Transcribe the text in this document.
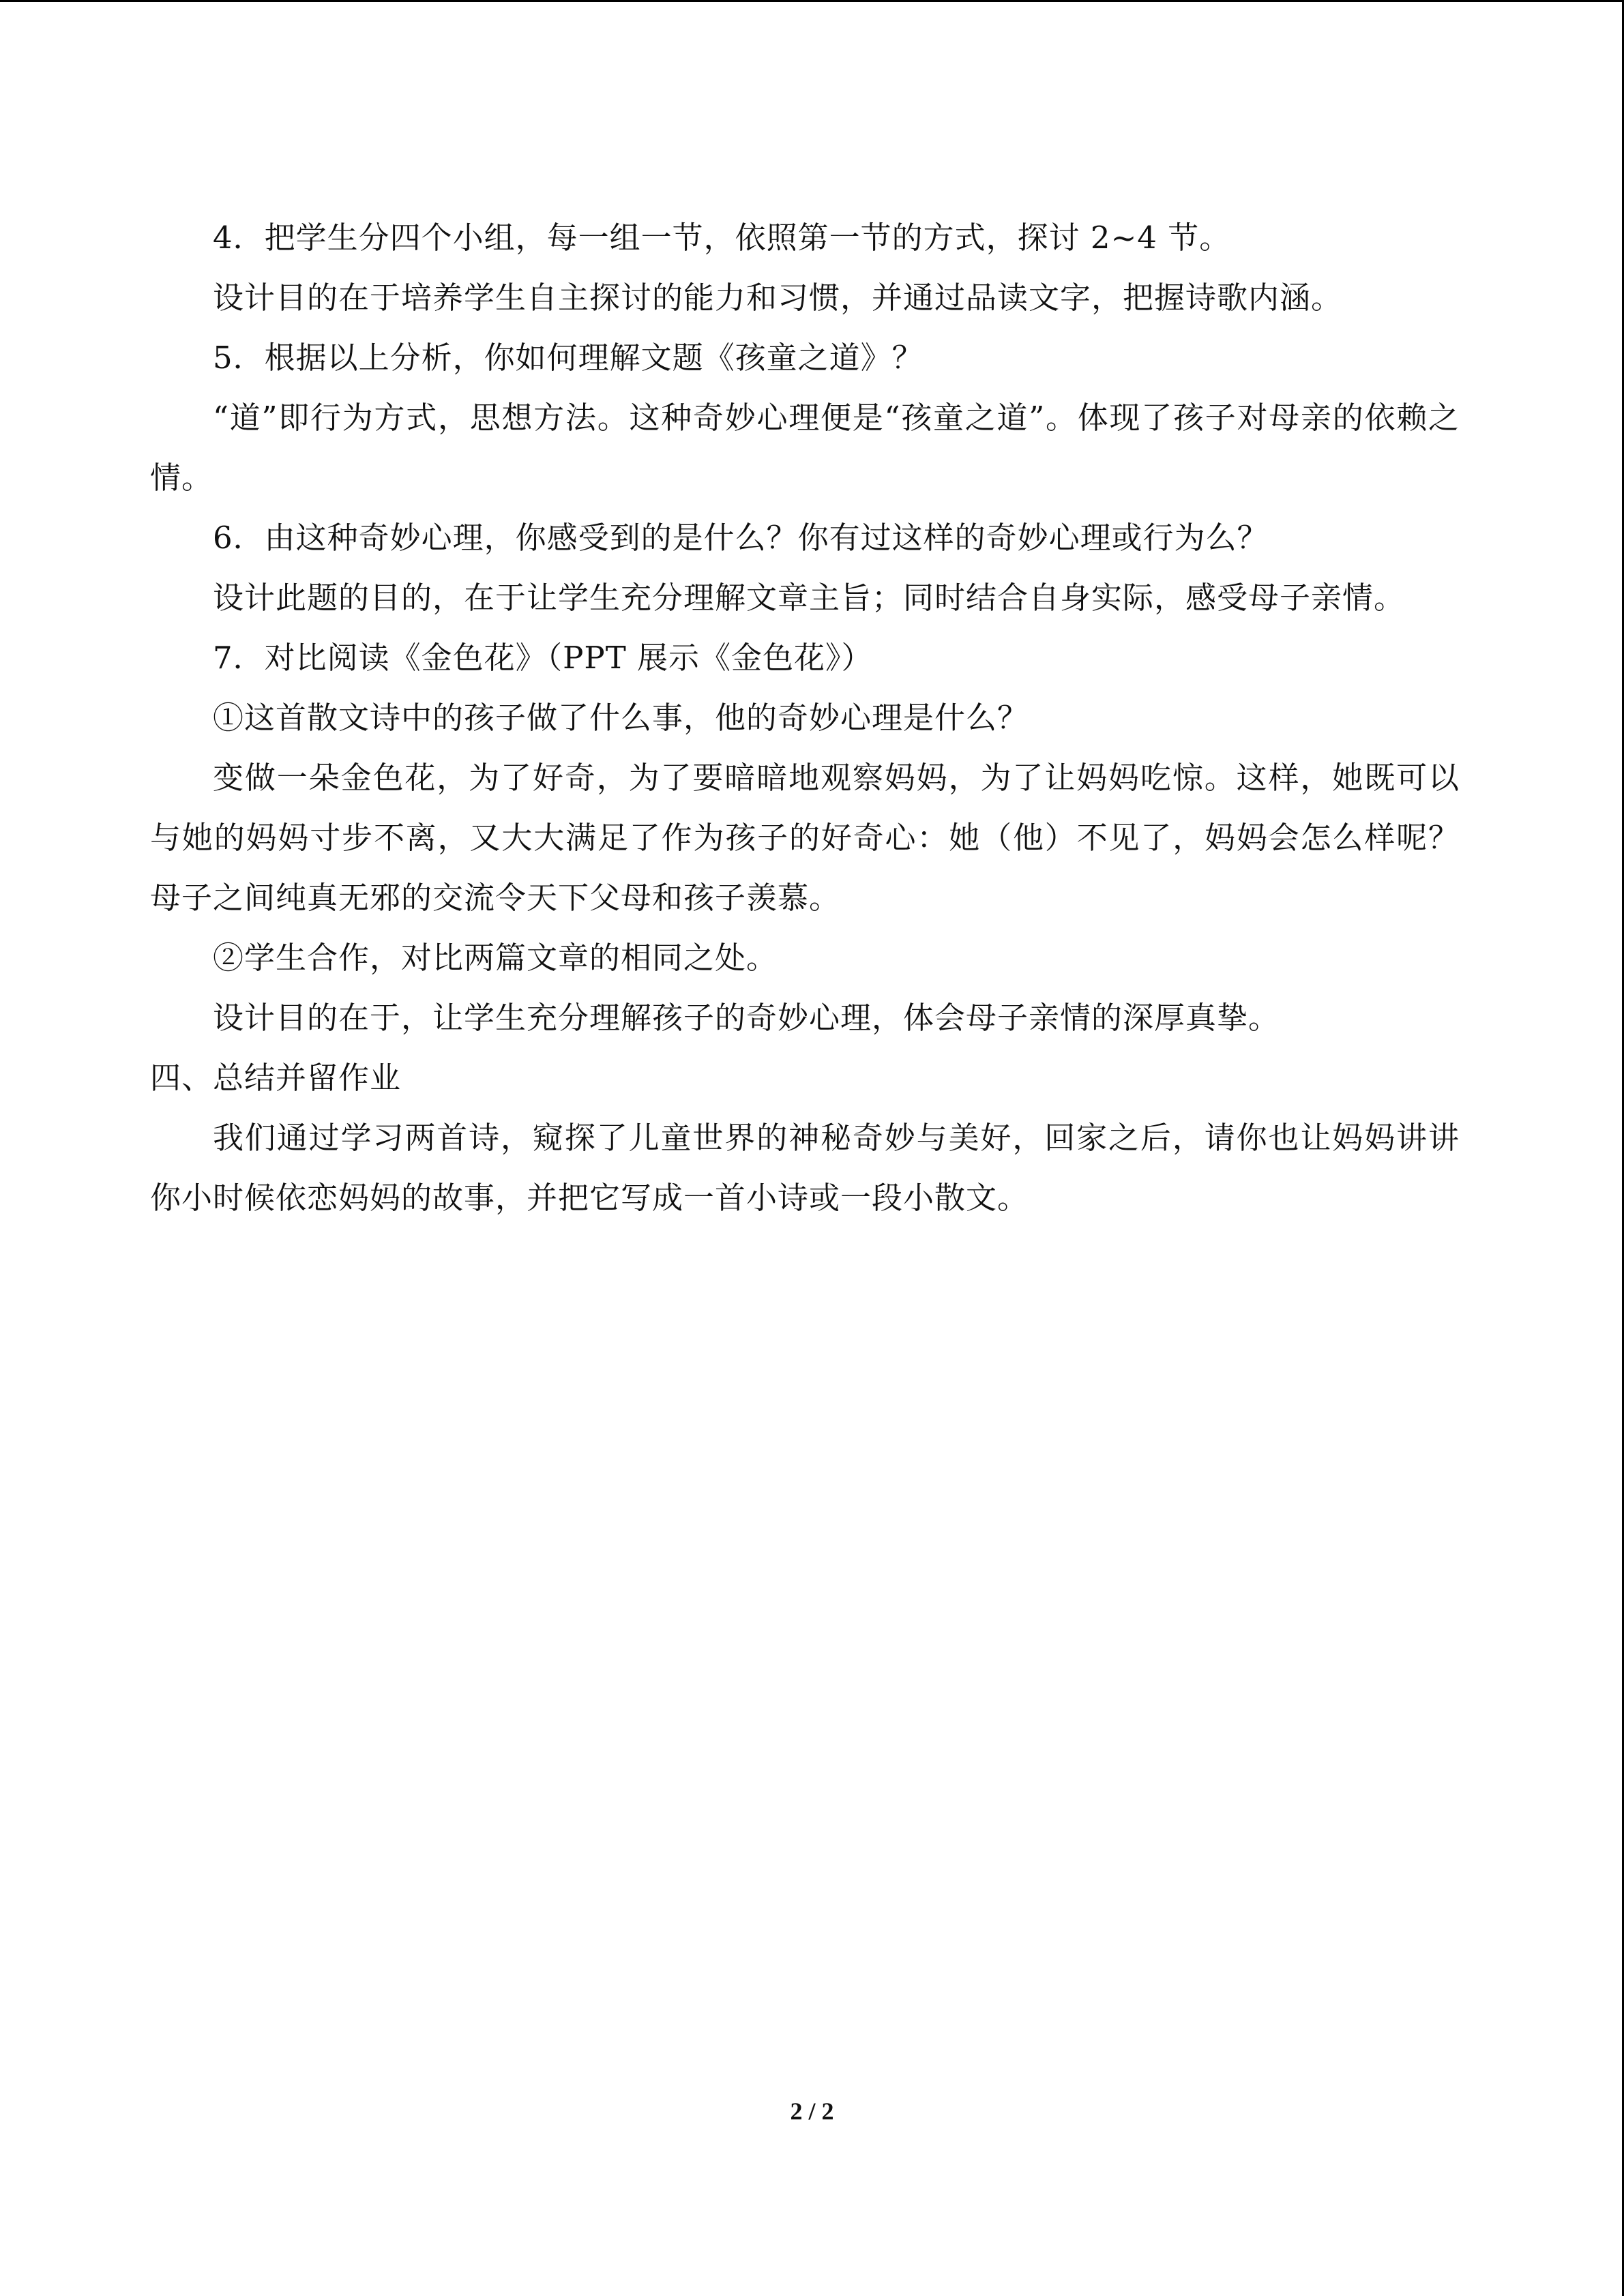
4．把学生分四个小组，每一组一节，依照第一节的方式，探讨 2~4 节。

设计目的在于培养学生自主探讨的能力和习惯，并通过品读文字，把握诗歌内涵。

5．根据以上分析，你如何理解文题《孩童之道》？

“道”即行为方式，思想方法。这种奇妙心理便是“孩童之道”。体现了孩子对母亲的依赖之情。

6．由这种奇妙心理，你感受到的是什么？你有过这样的奇妙心理或行为么？

设计此题的目的，在于让学生充分理解文章主旨；同时结合自身实际，感受母子亲情。

7．对比阅读《金色花》（PPT 展示《金色花》）

①这首散文诗中的孩子做了什么事，他的奇妙心理是什么？

变做一朵金色花，为了好奇，为了要暗暗地观察妈妈，为了让妈妈吃惊。这样，她既可以与她的妈妈寸步不离，又大大满足了作为孩子的好奇心：她（他）不见了，妈妈会怎么样呢？母子之间纯真无邪的交流令天下父母和孩子羡慕。

②学生合作，对比两篇文章的相同之处。

设计目的在于，让学生充分理解孩子的奇妙心理，体会母子亲情的深厚真挚。

四、总结并留作业

我们通过学习两首诗，窥探了儿童世界的神秘奇妙与美好，回家之后，请你也让妈妈讲讲你小时候依恋妈妈的故事，并把它写成一首小诗或一段小散文。

2 / 2
